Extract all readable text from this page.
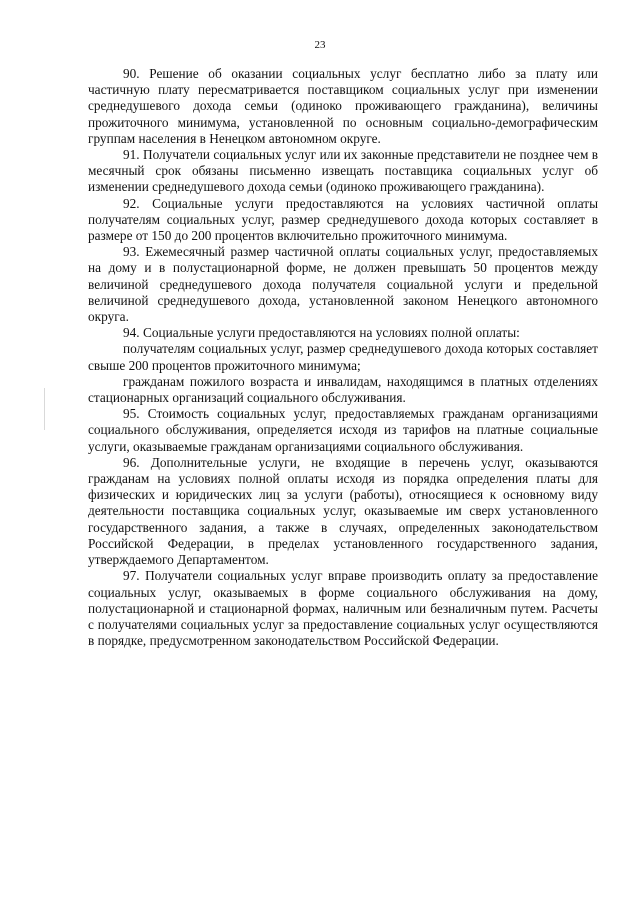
23

90. Решение об оказании социальных услуг бесплатно либо за плату или частичную плату пересматривается поставщиком социальных услуг при изменении среднедушевого дохода семьи (одиноко проживающего гражданина), величины прожиточного минимума, установленной по основным социально-демографическим группам населения в Ненецком автономном округе.

91. Получатели социальных услуг или их законные представители не позднее чем в месячный срок обязаны письменно извещать поставщика социальных услуг об изменении среднедушевого дохода семьи (одиноко проживающего гражданина).

92. Социальные услуги предоставляются на условиях частичной оплаты получателям социальных услуг, размер среднедушевого дохода которых составляет в размере от 150 до 200 процентов включительно прожиточного минимума.

93. Ежемесячный размер частичной оплаты социальных услуг, предоставляемых на дому и в полустационарной форме, не должен превышать 50 процентов между величиной среднедушевого дохода получателя социальной услуги и предельной величиной среднедушевого дохода, установленной законом Ненецкого автономного округа.

94. Социальные услуги предоставляются на условиях полной оплаты:

получателям социальных услуг, размер среднедушевого дохода которых составляет свыше 200 процентов прожиточного минимума;

гражданам пожилого возраста и инвалидам, находящимся в платных отделениях стационарных организаций социального обслуживания.

95. Стоимость социальных услуг, предоставляемых гражданам организациями социального обслуживания, определяется исходя из тарифов на платные социальные услуги, оказываемые гражданам организациями социального обслуживания.

96. Дополнительные услуги, не входящие в перечень услуг, оказываются гражданам на условиях полной оплаты исходя из порядка определения платы для физических и юридических лиц за услуги (работы), относящиеся к основному виду деятельности поставщика социальных услуг, оказываемые им сверх установленного государственного задания, а также в случаях, определенных законодательством Российской Федерации, в пределах установленного государственного задания, утверждаемого Департаментом.

97. Получатели социальных услуг вправе производить оплату за предоставление социальных услуг, оказываемых в форме социального обслуживания на дому, полустационарной и стационарной формах, наличным или безналичным путем. Расчеты с получателями социальных услуг за предоставление социальных услуг осуществляются в порядке, предусмотренном законодательством Российской Федерации.
